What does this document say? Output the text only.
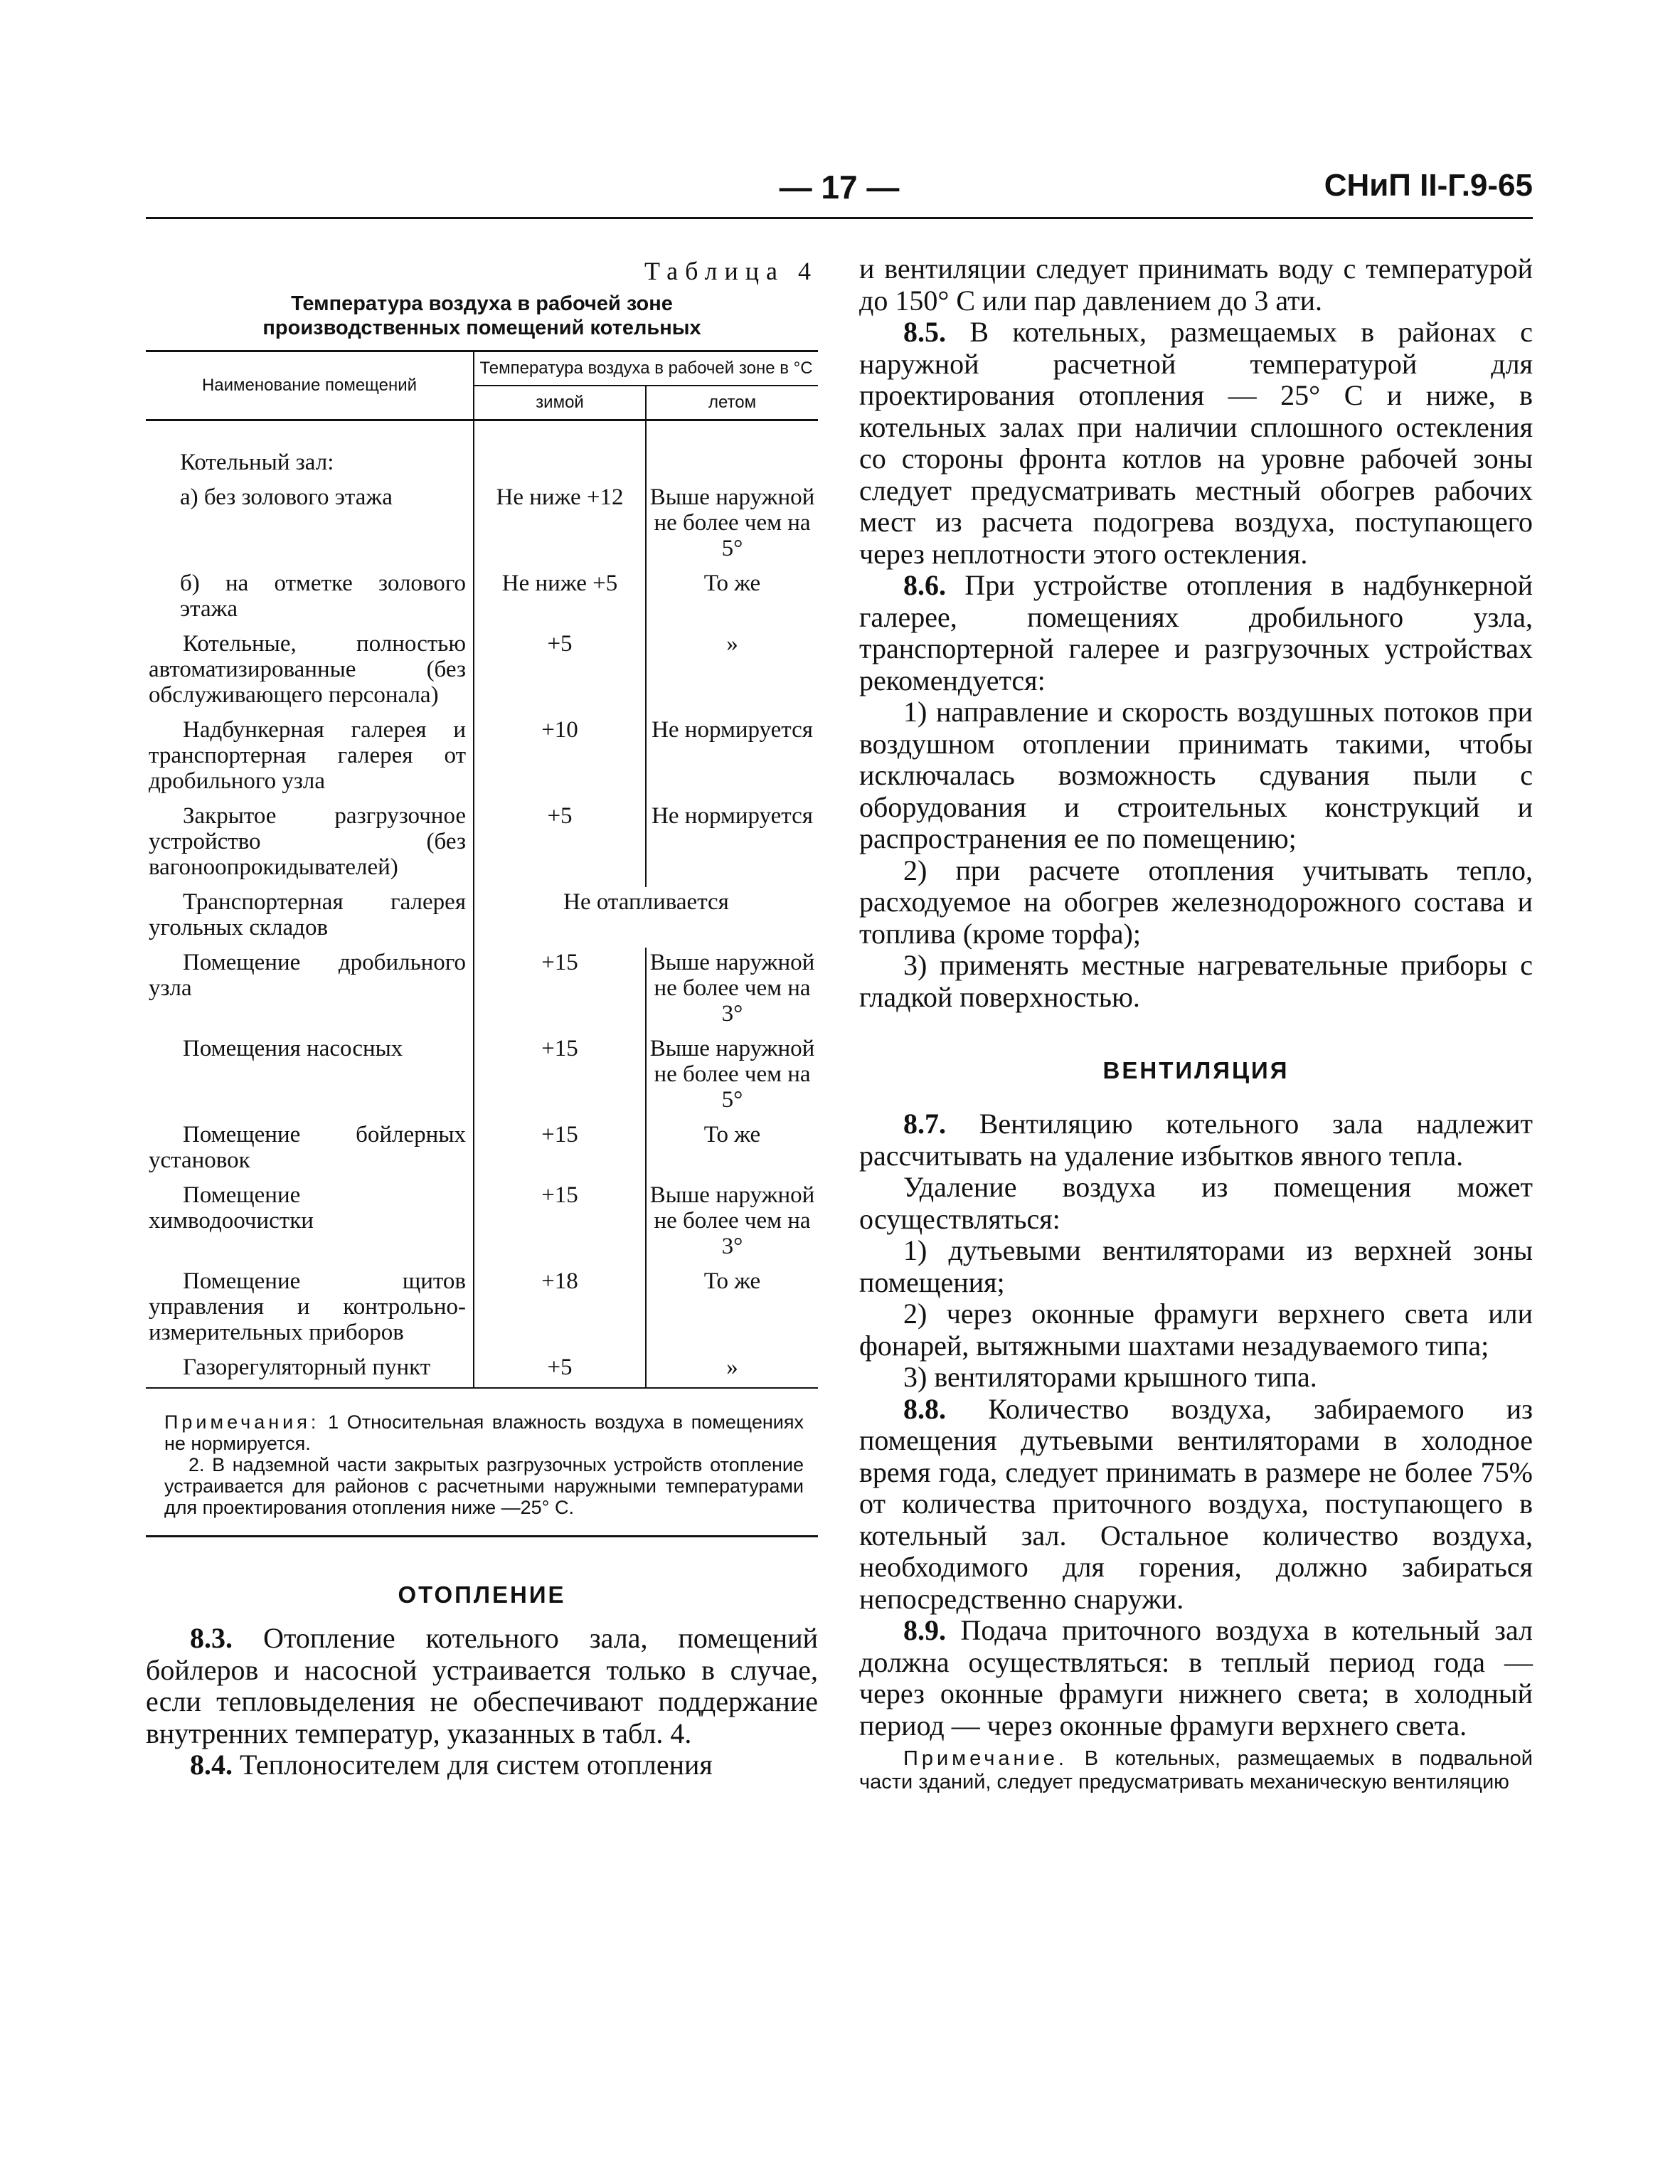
— 17 —	СНиП II-Г.9-65

Таблица 4

Температура воздуха в рабочей зоне
производственных помещений котельных

Наименование помещений	Температура воздуха в рабочей зоне в °С	
	зимой	летом
Котельный зал:		
а) без золового этажа	Не ниже +12	Выше наружной не более чем на 5°
б) на отметке золового этажа	Не ниже +5	То же
Котельные, полностью автоматизированные (без обслуживающего персонала)	+5	»
Надбункерная галерея и транспортерная галерея от дробильного узла	+10	Не нормируется
Закрытое разгрузочное устройство (без вагоноопрокидывателей)	+5	Не нормируется
Транспортерная галерея угольных складов	Не отапливается	
Помещение дробильного узла	+15	Выше наружной не более чем на 3°
Помещения насосных	+15	Выше наружной не более чем на 5°
Помещение бойлерных установок	+15	То же
Помещение химводоочистки	+15	Выше наружной не более чем на 3°
Помещение щитов управления и контрольно-измерительных приборов	+18	То же
Газорегуляторный пункт	+5	»

Примечания: 1 Относительная влажность воздуха в помещениях не нормируется.

2. В надземной части закрытых разгрузочных устройств отопление устраивается для районов с расчетными наружными температурами для проектирования отопления ниже —25° С.		

ОТОПЛЕНИЕ

8.3. Отопление котельного зала, помещений бойлеров и насосной устраивается только в случае, если тепловыделения не обеспечивают поддержание внутренних температур, указанных в табл. 4.

8.4. Теплоносителем для систем отопления

и вентиляции следует принимать воду с температурой до 150° С или пар давлением до 3 ати.

8.5. В котельных, размещаемых в районах с наружной расчетной температурой для проектирования отопления — 25° С и ниже, в котельных залах при наличии сплошного остекления со стороны фронта котлов на уровне рабочей зоны следует предусматривать местный обогрев рабочих мест из расчета подогрева воздуха, поступающего через неплотности этого остекления.

8.6. При устройстве отопления в надбункерной галерее, помещениях дробильного узла, транспортерной галерее и разгрузочных устройствах рекомендуется:

1) направление и скорость воздушных потоков при воздушном отоплении принимать такими, чтобы исключалась возможность сдувания пыли с оборудования и строительных конструкций и распространения ее по помещению;

2) при расчете отопления учитывать тепло, расходуемое на обогрев железнодорожного состава и топлива (кроме торфа);

3) применять местные нагревательные приборы с гладкой поверхностью.

ВЕНТИЛЯЦИЯ

8.7. Вентиляцию котельного зала надлежит рассчитывать на удаление избытков явного тепла.

Удаление воздуха из помещения может осуществляться:

1) дутьевыми вентиляторами из верхней зоны помещения;

2) через оконные фрамуги верхнего света или фонарей, вытяжными шахтами незадуваемого типа;

3) вентиляторами крышного типа.

8.8. Количество воздуха, забираемого из помещения дутьевыми вентиляторами в холодное время года, следует принимать в размере не более 75% от количества приточного воздуха, поступающего в котельный зал. Остальное количество воздуха, необходимого для горения, должно забираться непосредственно снаружи.

8.9. Подача приточного воздуха в котельный зал должна осуществляться: в теплый период года — через оконные фрамуги нижнего света; в холодный период — через оконные фрамуги верхнего света.

Примечание. В котельных, размещаемых в подвальной части зданий, следует предусматривать механическую вентиляцию
